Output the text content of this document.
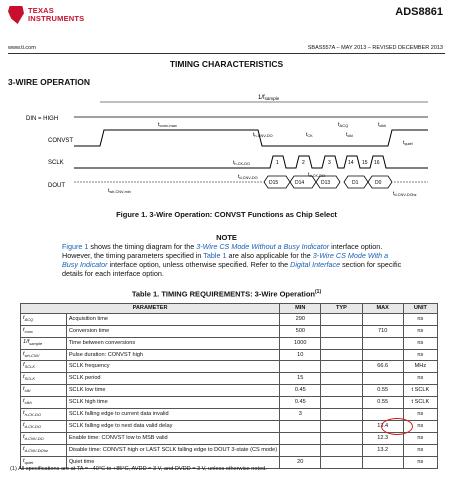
TEXAS
INSTRUMENTS
ADS8861
www.ti.com	SBAS557A – MAY 2013 – REVISED DECEMBER 2013
TIMING CHARACTERISTICS
3-WIRE OPERATION
DIN = HIGH
CONVST
SCLK
DOUT
1/fsample
tconv-max	tACQ
$t_{h-CNV-DO}$	$t_{clkl}$
$t_{clkh}$
$t_{CK}$
$t_{quiet}$
1	2	3	14 15 16
$t_{h-CK-DO}$
$t_{d-CNV-DO}$	$t_{d-CK-DO}$
D15	D14	D13	D1	D0
$t_{wh-CNV-min}$	$t_{d-CNV-DOhz}$
Figure 1. 3-Wire Operation: CONVST Functions as Chip Select
NOTE
Figure 1 shows the timing diagram for the 3-Wire CS Mode Without a Busy Indicator interface option. However, the timing parameters specified in Table 1 are also applicable for the 3-Wire CS Mode With a Busy Indicator interface option, unless otherwise specified. Refer to the Digital Interface section for specific details for each interface option.
Table 1. TIMING REQUIREMENTS: 3-Wire Operation$^{(1)}$
PARAMETER		MIN	TYP	MAX	UNIT
$t_{ACQ}$	Acquisition time	290			ns
$t_{conv}$	Conversion time	500		710	ns
$1/f_{sample}$	Time between conversions	1000			ns
$t_{wh-CNV}$	Pulse duration: CONVST high	10			ns
$f_{SCLK}$	SCLK frequency			66.6	MHz
$t_{SCLK}$	SCLK period	15			ns
$t_{clkl}$	SCLK low time	0.45		0.55	t SCLK
$t_{clkh}$	SCLK high time	0.45		0.55	t SCLK
$t_{h-CK-DO}$	SCLK falling edge to current data invalid	3			ns
$t_{d-CK-DO}$	SCLK falling edge to next data valid delay			13.4	ns
$t_{d-CNV-DO}$	Enable time: CONVST low to MSB valid			12.3	ns
$t_{d-CNV-DOhz}$	Disable time: CONVST high or LAST SCLK falling edge to DOUT 3-state (CS mode)			13.2	ns
$t_{quiet}$	Quiet time	20			ns
(1) All specifications are at TA = –40°C to +85°C, AVDD = 3 V, and DVDD = 3 V, unless otherwise noted.
